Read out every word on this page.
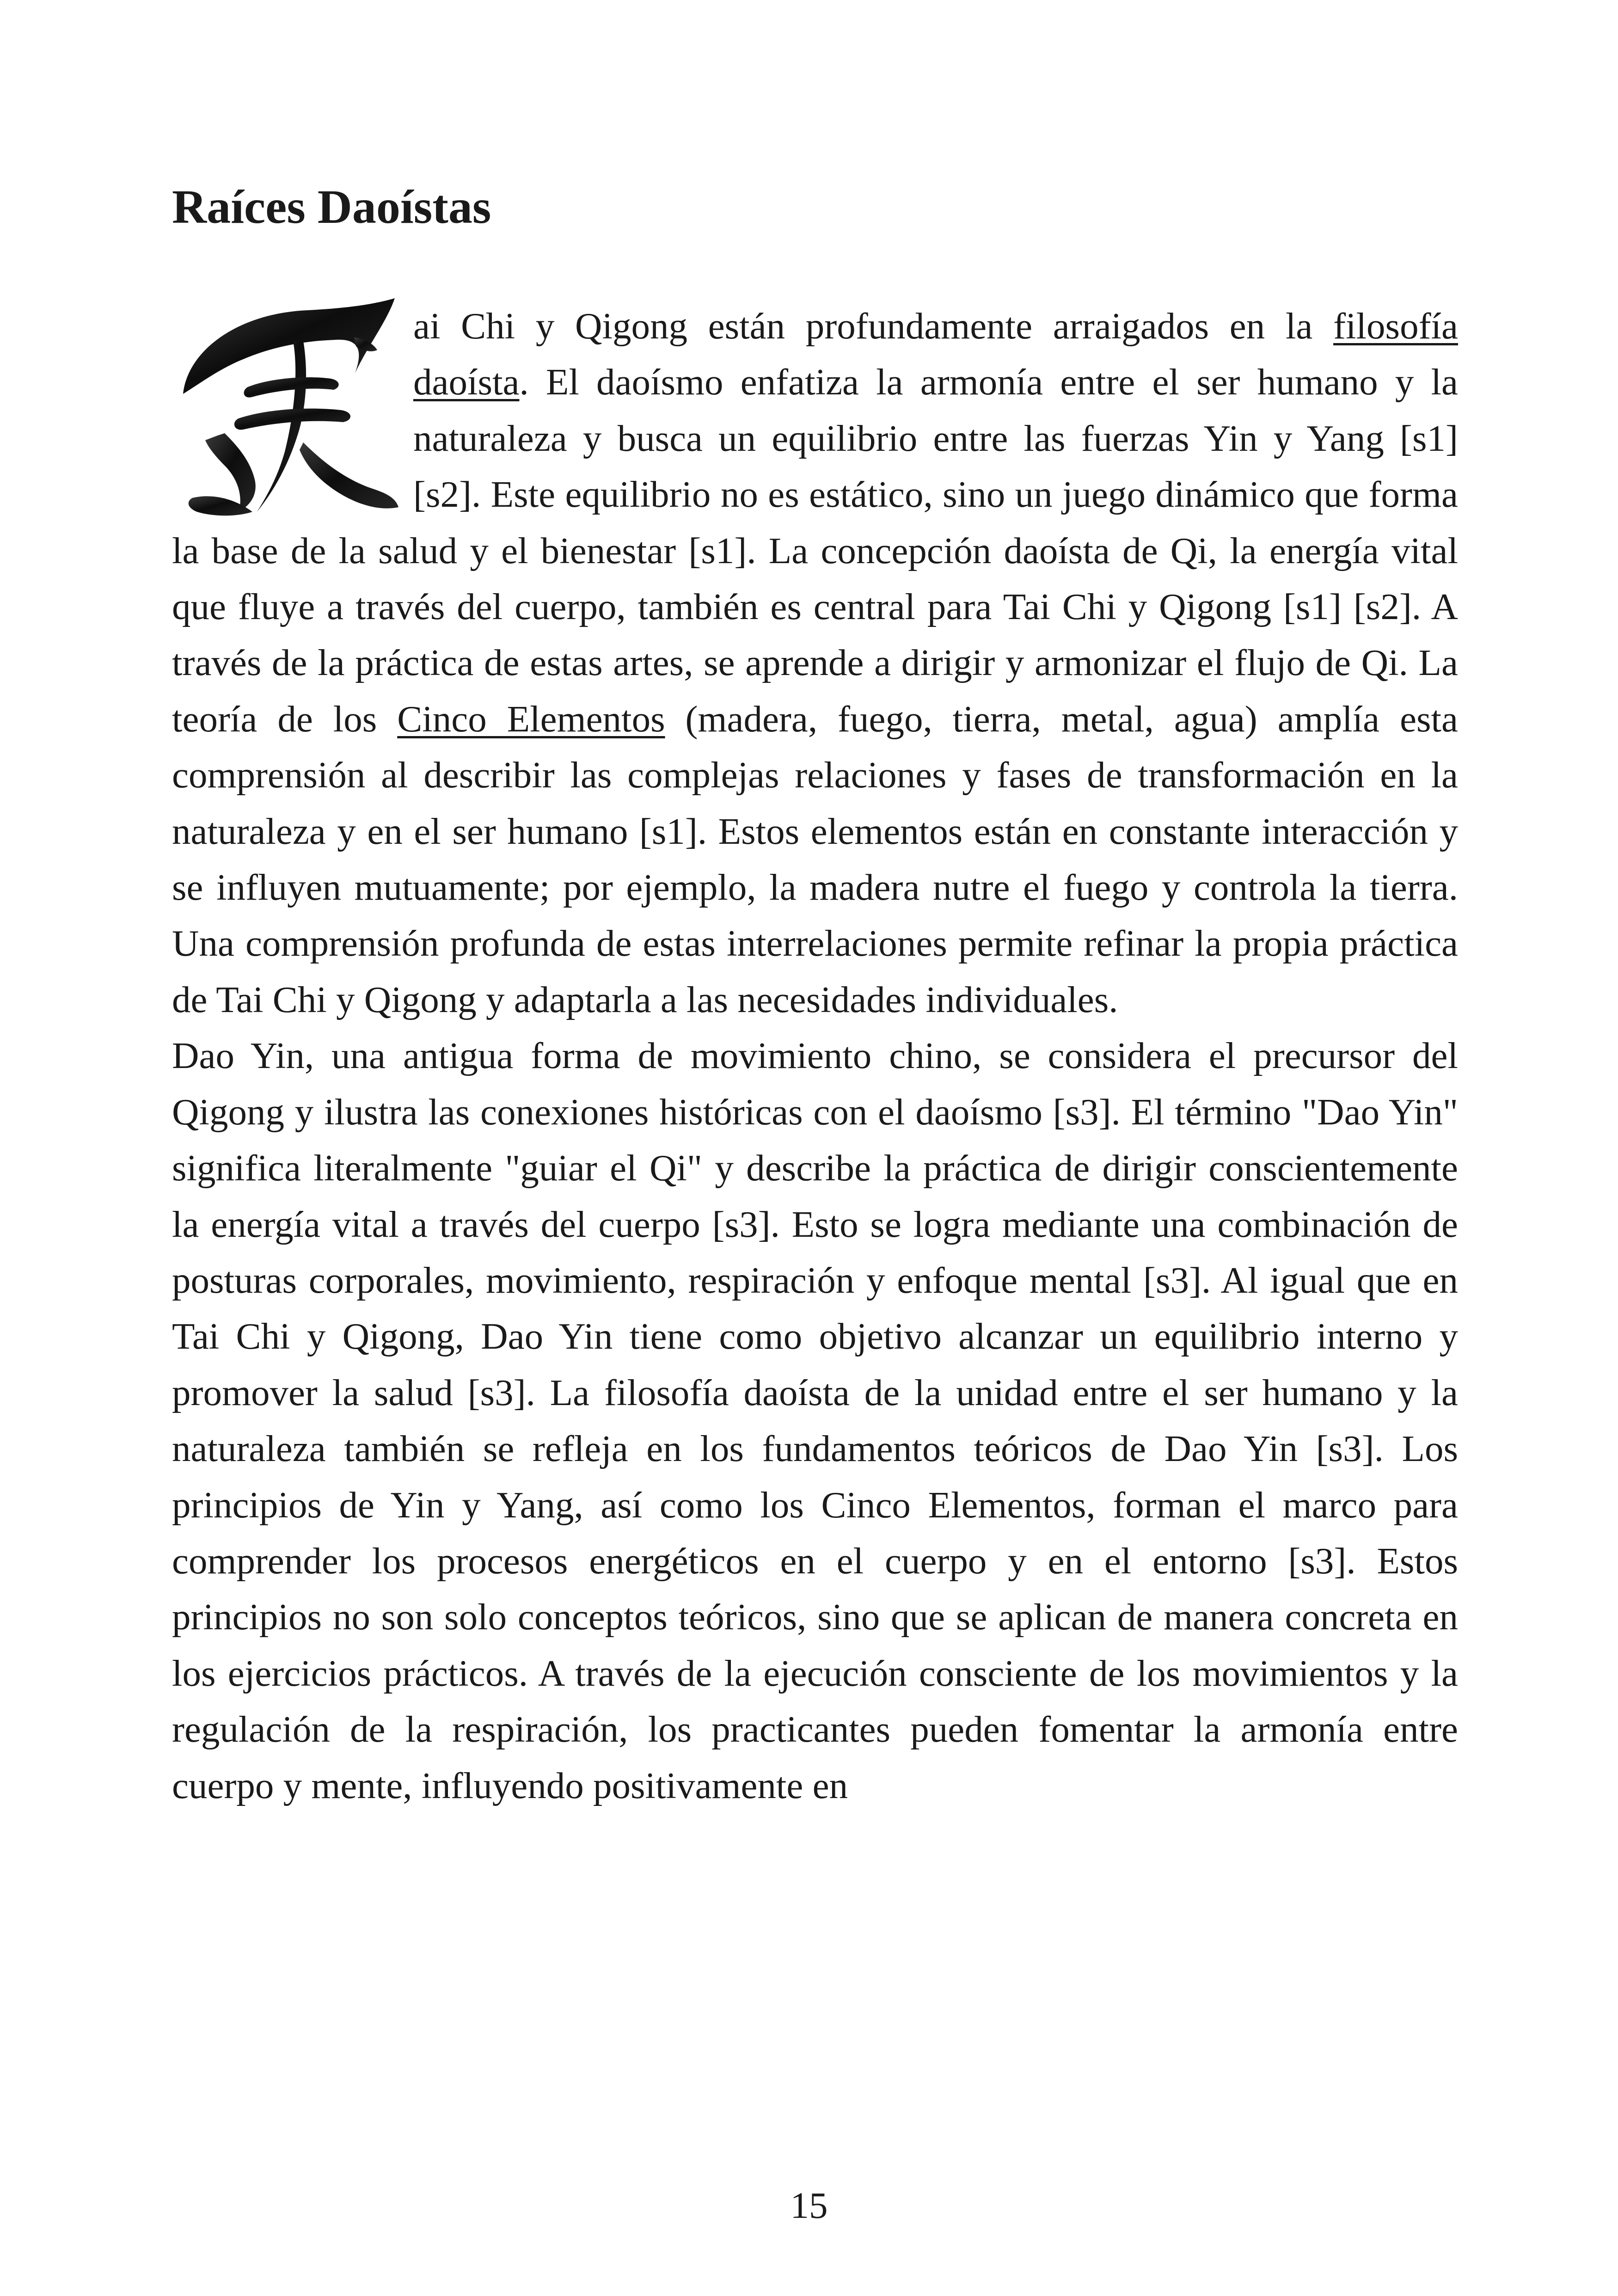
Raíces Daoístas

ai Chi y Qigong están profundamente arraigados en la filosofía daoísta. El daoísmo enfatiza la armonía entre el ser humano y la naturaleza y busca un equilibrio entre las fuerzas Yin y Yang [s1] [s2]. Este equilibrio no es estático, sino un juego dinámico que forma la base de la salud y el bienestar [s1]. La concepción daoísta de Qi, la energía vital que fluye a través del cuerpo, también es central para Tai Chi y Qigong [s1] [s2]. A través de la práctica de estas artes, se aprende a dirigir y armonizar el flujo de Qi. La teoría de los Cinco Elementos (madera, fuego, tierra, metal, agua) amplía esta comprensión al describir las complejas relaciones y fases de transformación en la naturaleza y en el ser humano [s1]. Estos elementos están en constante interacción y se influyen mutuamente; por ejemplo, la madera nutre el fuego y controla la tierra. Una comprensión profunda de estas interrelaciones permite refinar la propia práctica de Tai Chi y Qigong y adaptarla a las necesidades individuales.

Dao Yin, una antigua forma de movimiento chino, se considera el precursor del Qigong y ilustra las conexiones históricas con el daoísmo [s3]. El término "Dao Yin" significa literalmente "guiar el Qi" y describe la práctica de dirigir conscientemente la energía vital a través del cuerpo [s3]. Esto se logra mediante una combinación de posturas corporales, movimiento, respiración y enfoque mental [s3]. Al igual que en Tai Chi y Qigong, Dao Yin tiene como objetivo alcanzar un equilibrio interno y promover la salud [s3]. La filosofía daoísta de la unidad entre el ser humano y la naturaleza también se refleja en los fundamentos teóricos de Dao Yin [s3]. Los principios de Yin y Yang, así como los Cinco Elementos, forman el marco para comprender los procesos energéticos en el cuerpo y en el entorno [s3]. Estos principios no son solo conceptos teóricos, sino que se aplican de manera concreta en los ejercicios prácticos. A través de la ejecución consciente de los movimientos y la regulación de la respiración, los practicantes pueden fomentar la armonía entre cuerpo y mente, influyendo positivamente en

15
